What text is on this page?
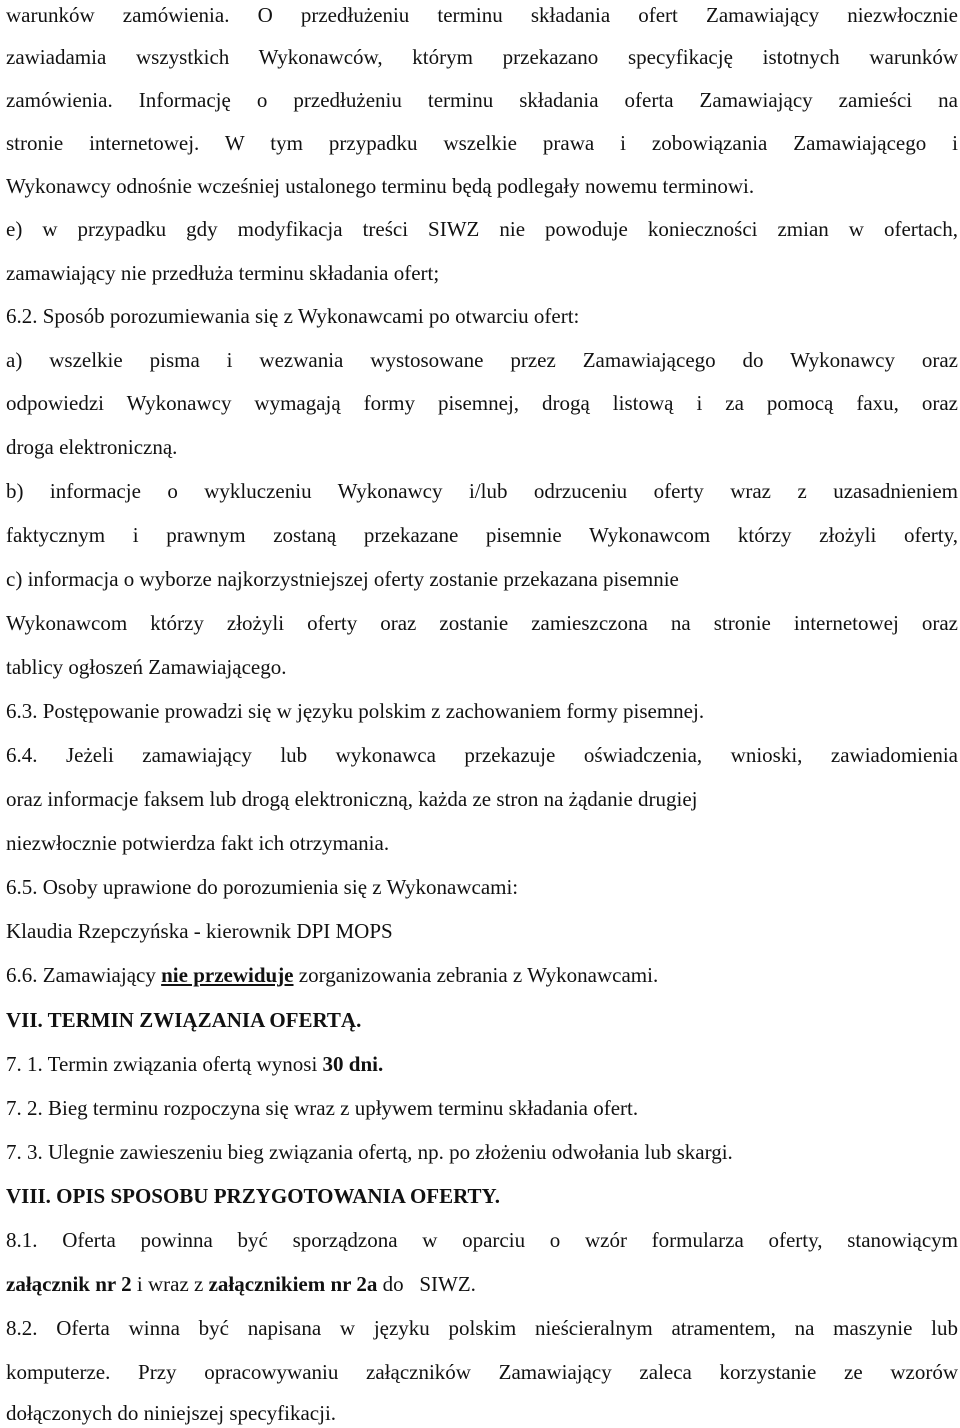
warunków zamówienia. O przedłużeniu terminu składania ofert Zamawiający niezwłocznie
zawiadamia wszystkich Wykonawców, którym przekazano specyfikację istotnych warunków
zamówienia. Informację o przedłużeniu terminu składania oferta Zamawiający zamieści na
stronie internetowej. W tym przypadku wszelkie prawa i zobowiązania Zamawiającego i
Wykonawcy odnośnie wcześniej ustalonego terminu będą podlegały nowemu terminowi.
e) w przypadku gdy modyfikacja treści SIWZ nie powoduje konieczności zmian w ofertach,
zamawiający nie przedłuża terminu składania ofert;
6.2. Sposób porozumiewania się z Wykonawcami po otwarciu ofert:
a) wszelkie pisma i wezwania wystosowane przez Zamawiającego do Wykonawcy oraz
odpowiedzi Wykonawcy wymagają formy pisemnej, drogą listową i za pomocą faxu, oraz
droga elektroniczną.
b) informacje o wykluczeniu Wykonawcy i/lub odrzuceniu oferty wraz z uzasadnieniem
faktycznym i prawnym zostaną przekazane pisemnie Wykonawcom którzy złożyli oferty,
c) informacja o wyborze najkorzystniejszej oferty zostanie przekazana pisemnie
Wykonawcom którzy złożyli oferty oraz zostanie zamieszczona na stronie internetowej oraz
tablicy ogłoszeń Zamawiającego.
6.3. Postępowanie prowadzi się w języku polskim z zachowaniem formy pisemnej.
6.4. Jeżeli zamawiający lub wykonawca przekazuje oświadczenia, wnioski, zawiadomienia
oraz informacje faksem lub drogą elektroniczną, każda ze stron na żądanie drugiej
niezwłocznie potwierdza fakt ich otrzymania.
6.5. Osoby uprawione do porozumienia się z Wykonawcami:
Klaudia Rzepczyńska - kierownik DPI MOPS
6.6. Zamawiający nie przewiduje zorganizowania zebrania z Wykonawcami.
VII. TERMIN ZWIĄZANIA OFERTĄ.
7. 1. Termin związania ofertą wynosi 30 dni.
7. 2. Bieg terminu rozpoczyna się wraz z upływem terminu składania ofert.
7. 3. Ulegnie zawieszeniu bieg związania ofertą, np. po złożeniu odwołania lub skargi.
VIII. OPIS SPOSOBU PRZYGOTOWANIA OFERTY.
8.1. Oferta powinna być sporządzona w oparciu o wzór formularza oferty, stanowiącym
załącznik nr 2 i wraz z załącznikiem nr 2a do   SIWZ.
8.2. Oferta winna być napisana w języku polskim nieścieralnym atramentem, na maszynie lub
komputerze. Przy opracowywaniu załączników Zamawiający zaleca korzystanie ze wzorów
dołączonych do niniejszej specyfikacji.
